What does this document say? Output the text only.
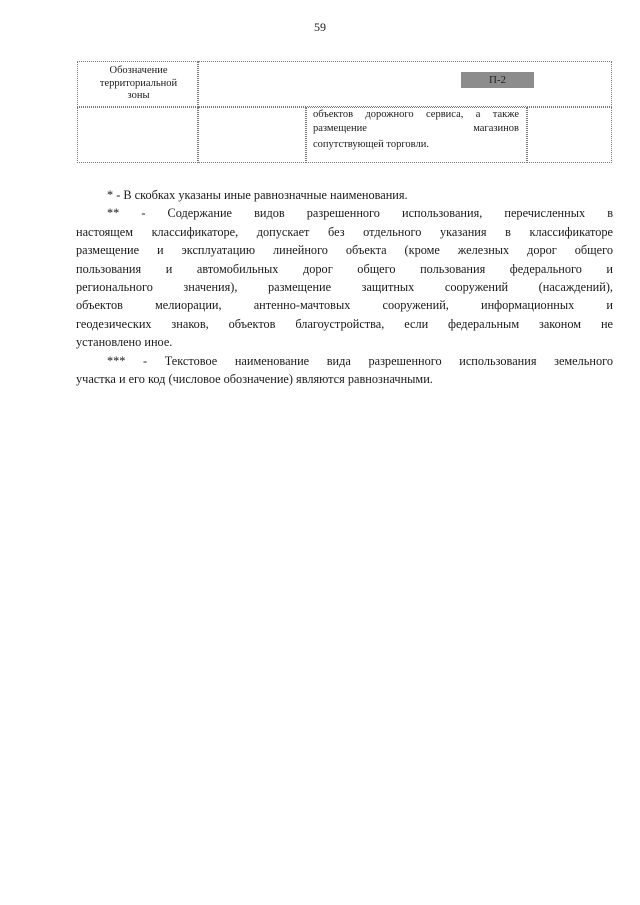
59
Обозначение
территориальной
зоны
П-2
объектов дорожного сервиса, а также
размещение магазинов
сопутствующей торговли.
* - В скобках указаны иные равнозначные наименования.
** - Содержание видов разрешенного использования, перечисленных в
настоящем классификаторе, допускает без отдельного указания в классификаторе
размещение и эксплуатацию линейного объекта (кроме железных дорог общего
пользования и автомобильных дорог общего пользования федерального и
регионального значения), размещение защитных сооружений (насаждений),
объектов мелиорации, антенно-мачтовых сооружений, информационных и
геодезических знаков, объектов благоустройства, если федеральным законом не
установлено иное.
*** - Текстовое наименование вида разрешенного использования земельного
участка и его код (числовое обозначение) являются равнозначными.
